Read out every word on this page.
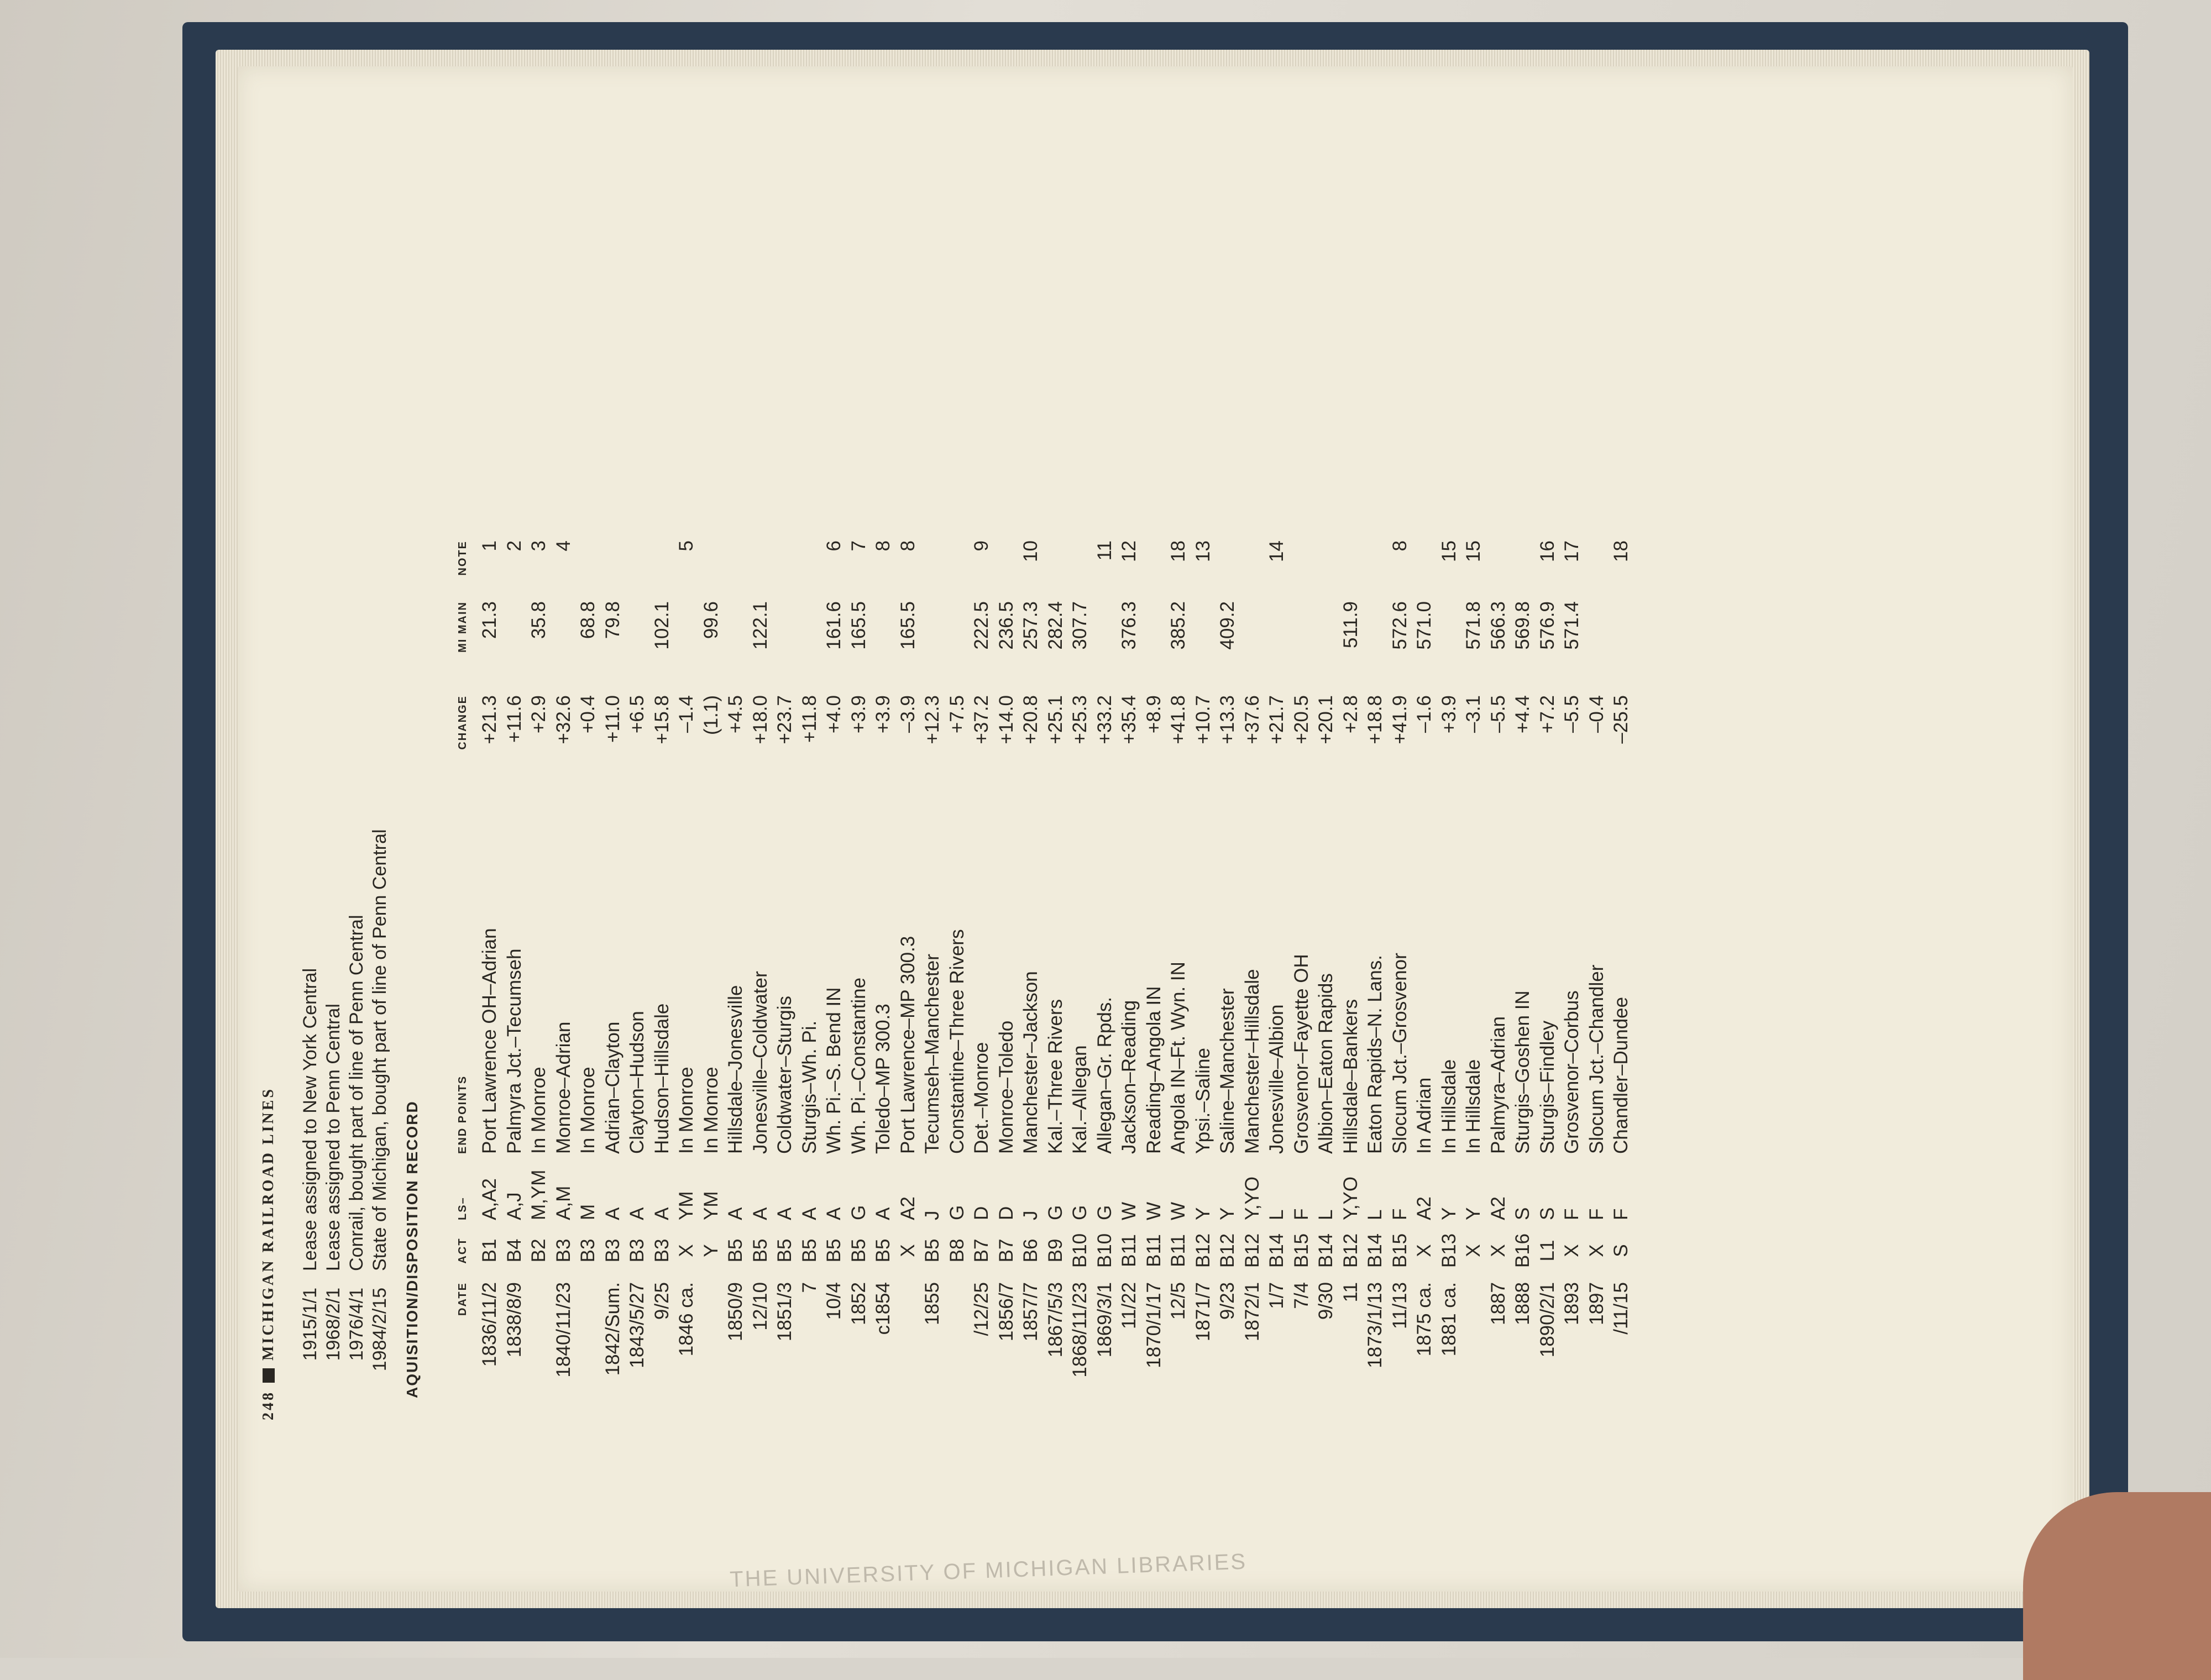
THE UNIVERSITY OF MICHIGAN LIBRARIES
248
MICHIGAN RAILROAD LINES 1915/1/1
Lease assigned to New York Central
1968/2/1
Lease assigned to Penn Central
1976/4/1
Conrail, bought part of line of Penn Central
1984/2/15
State of Michigan, bought part of line of Penn Central AQUISITION/DISPOSITION RECORD	DATE
ACT
LS–
END POINTS
CHANGE
MI MAIN
NOTE
1836/11/2
B1
A,A2
Port Lawrence OH–Adrian
+21.3
21.3
1
1838/8/9
B4
A,J
Palmyra Jct.–Tecumseh
+11.6
2
B2
M,YM
In Monroe
+2.9
35.8
3
1840/11/23
B3
A,M
Monroe–Adrian
+32.6
4
B3
M
In Monroe
+0.4
68.8
1842/Sum.
B3
A
Adrian–Clayton
+11.0
79.8
1843/5/27
B3
A
Clayton–Hudson
+6.5
9/25
B3
A
Hudson–Hillsdale
+15.8
102.1
1846 ca.
X
YM
In Monroe
–1.4
5
Y
YM
In Monroe
(1.1)
99.6
1850/9
B5
A
Hillsdale–Jonesville
+4.5
12/10
B5
A
Jonesville–Coldwater
+18.0
122.1
1851/3
B5
A
Coldwater–Sturgis
+23.7
7
B5
A
Sturgis–Wh. Pi.
+11.8
10/4
B5
A
Wh. Pi.–S. Bend IN
+4.0
161.6
6
1852
B5
G
Wh. Pi.–Constantine
+3.9
165.5
7
c1854
B5
A
Toledo–MP 300.3
+3.9
8
X
A2
Port Lawrence–MP 300.3
–3.9
165.5
8
1855
B5
J
Tecumseh–Manchester
+12.3
B8
G
Constantine–Three Rivers
+7.5
/12/25
B7
D
Det.–Monroe
+37.2
222.5
9
1856/7
B7
D
Monroe–Toledo
+14.0
236.5
1857/7
B6
J
Manchester–Jackson
+20.8
257.3
10
1867/5/3
B9
G
Kal.–Three Rivers
+25.1
282.4
1868/11/23
B10
G
Kal.–Allegan
+25.3
307.7
1869/3/1
B10
G
Allegan–Gr. Rpds.
+33.2
11
11/22
B11
W
Jackson–Reading
+35.4
376.3
12
1870/1/17
B11
W
Reading–Angola IN
+8.9
12/5
B11
W
Angola IN–Ft. Wyn. IN
+41.8
385.2
18
1871/7
B12
Y
Ypsi.–Saline
+10.7
13
9/23
B12
Y
Saline–Manchester
+13.3
409.2
1872/1
B12
Y,YO
Manchester–Hillsdale
+37.6
1/7
B14
L
Jonesville–Albion
+21.7
14
7/4
B15
F
Grosvenor–Fayette OH
+20.5
9/30
B14
L
Albion–Eaton Rapids
+20.1
11
B12
Y,YO
Hillsdale–Bankers
+2.8
511.9
1873/1/13
B14
L
Eaton Rapids–N. Lans.
+18.8
11/13
B15
F
Slocum Jct.–Grosvenor
+41.9
572.6
8
1875 ca.
X
A2
In Adrian
–1.6
571.0
1881 ca.
B13
Y
In Hillsdale
+3.9
15
X
Y
In Hillsdale
–3.1
571.8
15
1887
X
A2
Palmyra–Adrian
–5.5
566.3
1888
B16
S
Sturgis–Goshen IN
+4.4
569.8
1890/2/1
L1
S
Sturgis–Findley
+7.2
576.9
16
1893
X
F
Grosvenor–Corbus
–5.5
571.4
17
1897
X
F
Slocum Jct.–Chandler
–0.4
/11/15
S
F
Chandler–Dundee
–25.5
18
